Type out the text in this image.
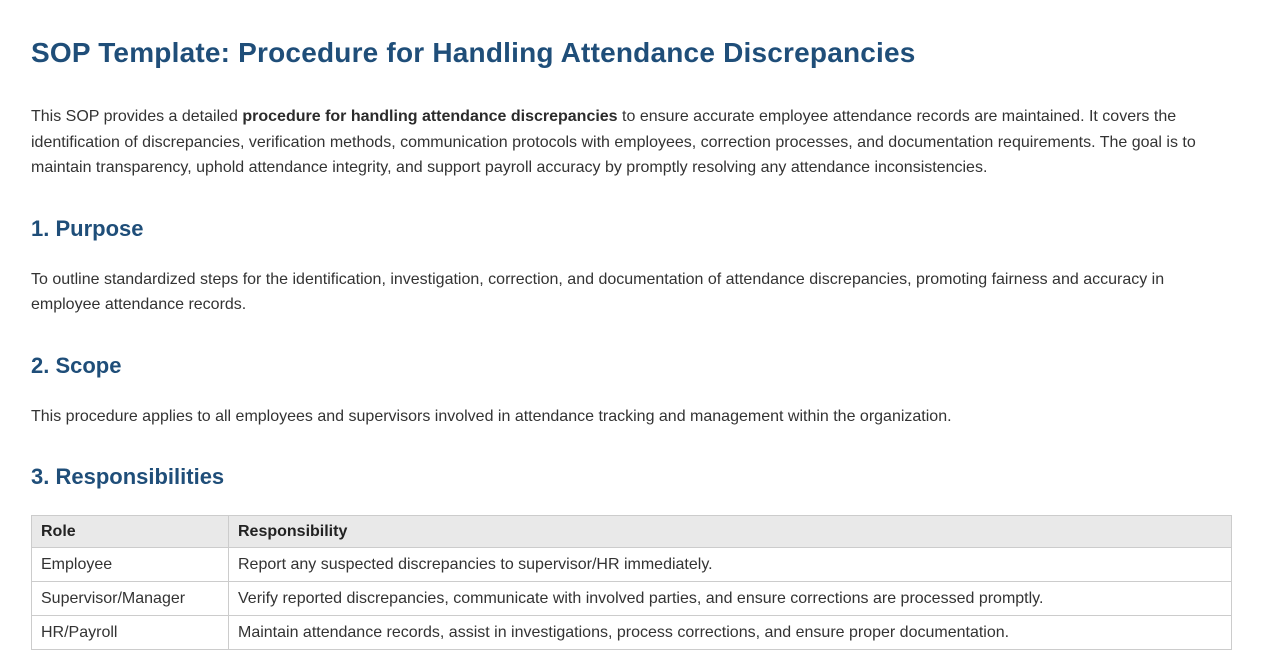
SOP Template: Procedure for Handling Attendance Discrepancies

This SOP provides a detailed procedure for handling attendance discrepancies to ensure accurate employee attendance records are maintained. It covers the identification of discrepancies, verification methods, communication protocols with employees, correction processes, and documentation requirements. The goal is to maintain transparency, uphold attendance integrity, and support payroll accuracy by promptly resolving any attendance inconsistencies.

1. Purpose

To outline standardized steps for the identification, investigation, correction, and documentation of attendance discrepancies, promoting fairness and accuracy in employee attendance records.

2. Scope

This procedure applies to all employees and supervisors involved in attendance tracking and management within the organization.

3. Responsibilities
Role	Responsibility
Employee	Report any suspected discrepancies to supervisor/HR immediately.
Supervisor/Manager	Verify reported discrepancies, communicate with involved parties, and ensure corrections are processed promptly.
HR/Payroll	Maintain attendance records, assist in investigations, process corrections, and ensure proper documentation.
